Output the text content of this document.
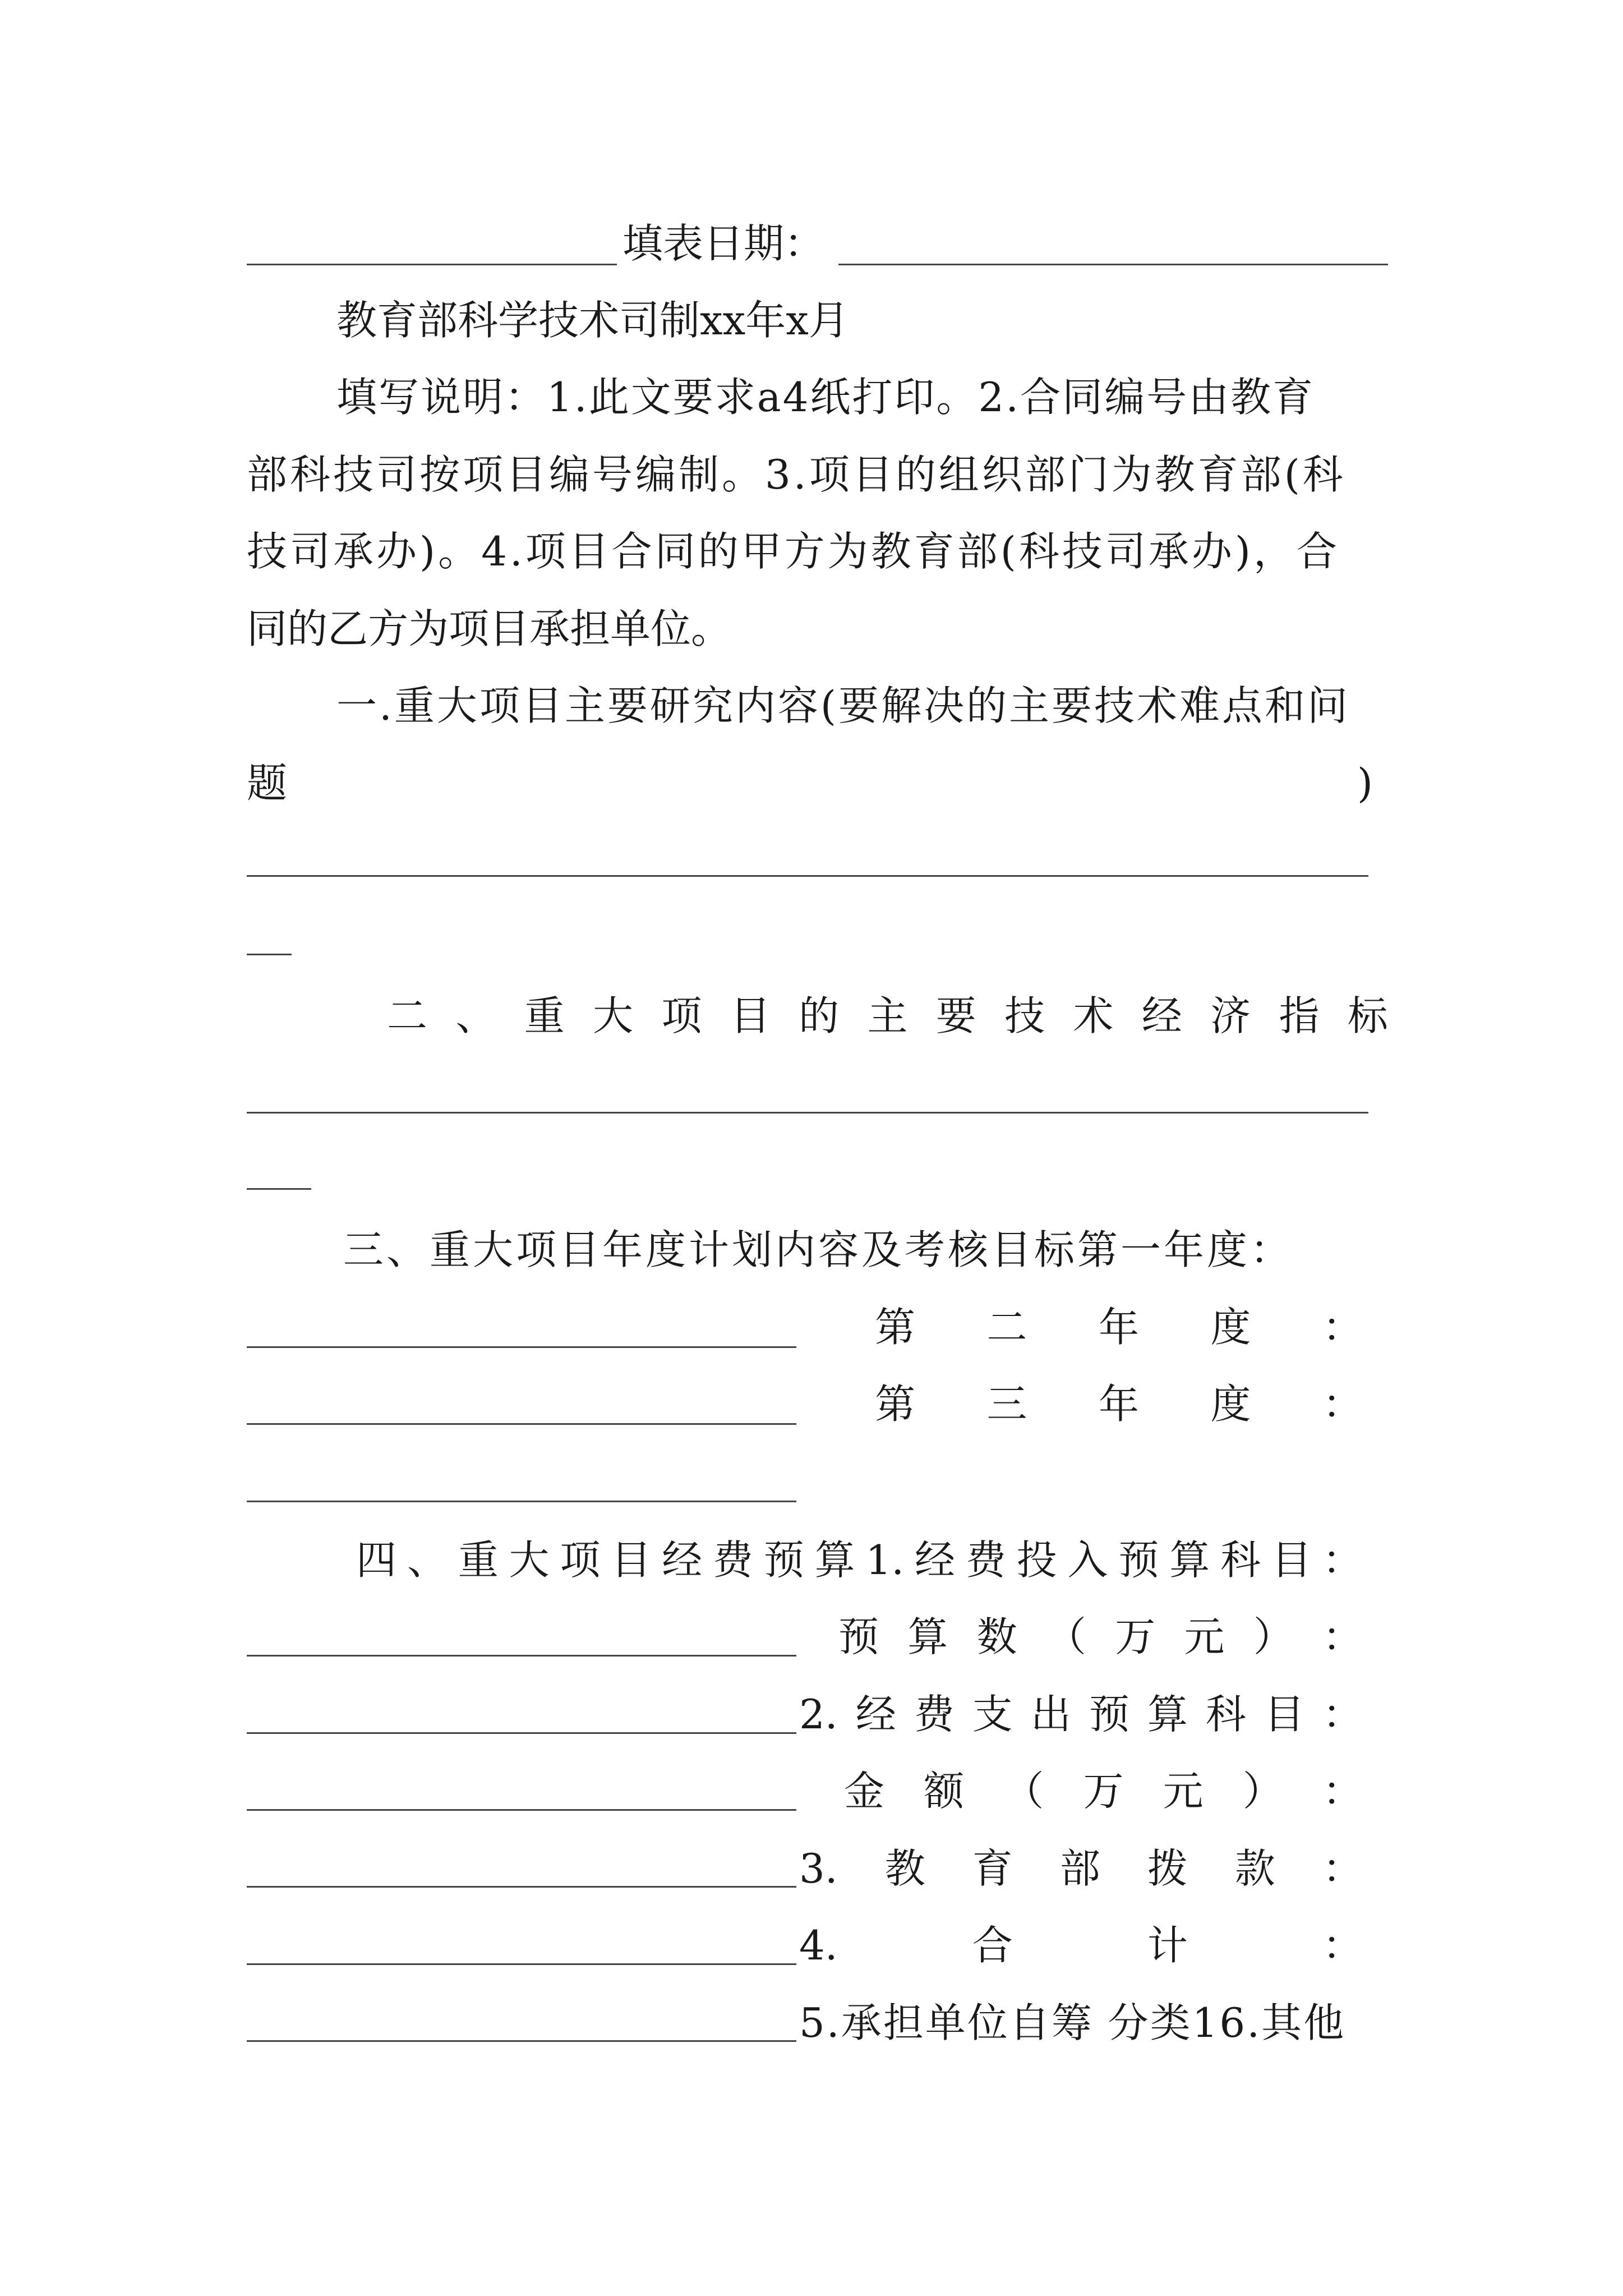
填表日期：
教育部科学技术司制xx年x月
填写说明：1.此文要求a4纸打印。2.合同编号由教育
部科技司按项目编号编制。3.项目的组织部门为教育部(科
技司承办)。4.项目合同的甲方为教育部(科技司承办)，合
同的乙方为项目承担单位。
一.重大项目主要研究内容(要解决的主要技术难点和问
题	)
二 、 重 大 项 目 的 主 要 技 术 经 济 指 标
三、重大项目年度计划内容及考核目标第一年度：
第 二 年 度 ：
第 三 年 度 ：
四 、 重 大 项 目 经 费 预 算 1. 经 费 投 入 预 算 科 目 ：
预 算 数 （ 万 元 ） ：
2. 经 费 支 出 预 算 科 目 ：
金 额 （ 万 元 ） ：
3. 教 育 部 拨 款 ：
4.	合	计	：
5.承担单位自筹 分类16.其他
